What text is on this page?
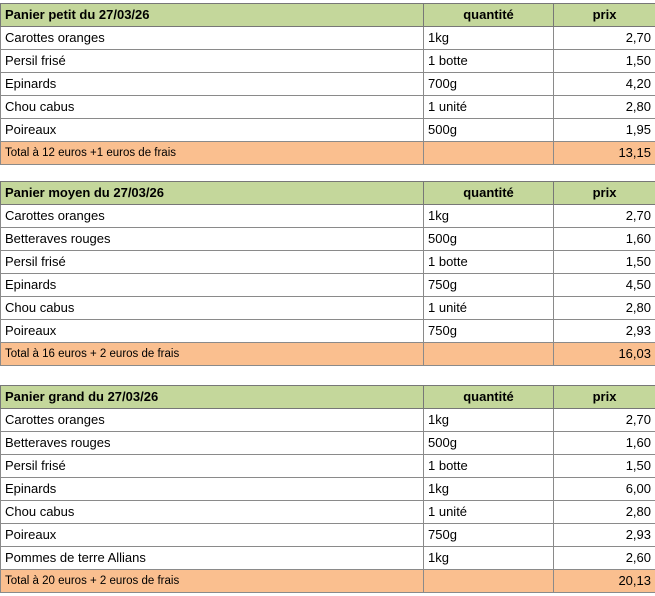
Panier petit du 27/03/26	quantité	prix
Carottes oranges	1kg	2,70
Persil frisé	1 botte	1,50
Epinards	700g	4,20
Chou cabus	1 unité	2,80
Poireaux	500g	1,95
Total à 12 euros +1 euros de frais		13,15
Panier moyen du 27/03/26	quantité	prix
Carottes oranges	1kg	2,70
Betteraves rouges	500g	1,60
Persil frisé	1 botte	1,50
Epinards	750g	4,50
Chou cabus	1 unité	2,80
Poireaux	750g	2,93
Total à 16 euros + 2 euros de frais		16,03
Panier grand du 27/03/26	quantité	prix
Carottes oranges	1kg	2,70
Betteraves rouges	500g	1,60
Persil frisé	1 botte	1,50
Epinards	1kg	6,00
Chou cabus	1 unité	2,80
Poireaux	750g	2,93
Pommes de terre Allians	1kg	2,60
Total à 20 euros + 2 euros de frais		20,13
